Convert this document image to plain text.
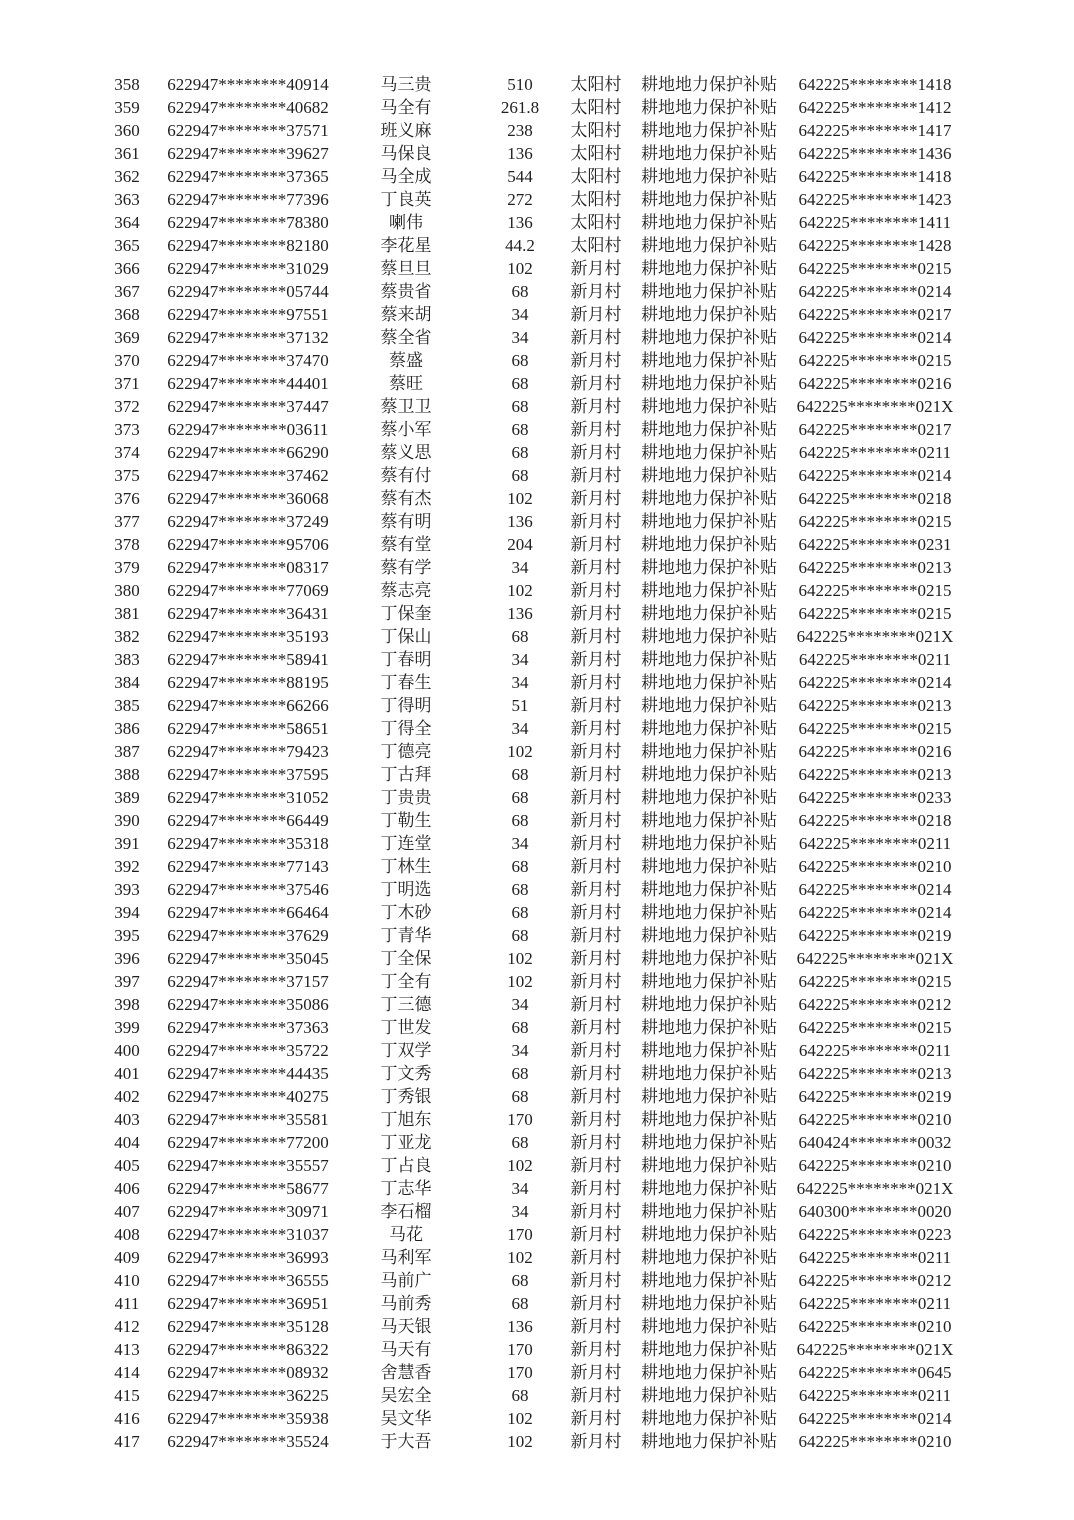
358	622947********40914	马三贵	510	太阳村	耕地地力保护补贴	642225********1418
359	622947********40682	马全有	261.8	太阳村	耕地地力保护补贴	642225********1412
360	622947********37571	班义麻	238	太阳村	耕地地力保护补贴	642225********1417
361	622947********39627	马保良	136	太阳村	耕地地力保护补贴	642225********1436
362	622947********37365	马全成	544	太阳村	耕地地力保护补贴	642225********1418
363	622947********77396	丁良英	272	太阳村	耕地地力保护补贴	642225********1423
364	622947********78380	喇伟	136	太阳村	耕地地力保护补贴	642225********1411
365	622947********82180	李花星	44.2	太阳村	耕地地力保护补贴	642225********1428
366	622947********31029	蔡旦旦	102	新月村	耕地地力保护补贴	642225********0215
367	622947********05744	蔡贵省	68	新月村	耕地地力保护补贴	642225********0214
368	622947********97551	蔡来胡	34	新月村	耕地地力保护补贴	642225********0217
369	622947********37132	蔡全省	34	新月村	耕地地力保护补贴	642225********0214
370	622947********37470	蔡盛	68	新月村	耕地地力保护补贴	642225********0215
371	622947********44401	蔡旺	68	新月村	耕地地力保护补贴	642225********0216
372	622947********37447	蔡卫卫	68	新月村	耕地地力保护补贴	642225********021X
373	622947********03611	蔡小军	68	新月村	耕地地力保护补贴	642225********0217
374	622947********66290	蔡义思	68	新月村	耕地地力保护补贴	642225********0211
375	622947********37462	蔡有付	68	新月村	耕地地力保护补贴	642225********0214
376	622947********36068	蔡有杰	102	新月村	耕地地力保护补贴	642225********0218
377	622947********37249	蔡有明	136	新月村	耕地地力保护补贴	642225********0215
378	622947********95706	蔡有堂	204	新月村	耕地地力保护补贴	642225********0231
379	622947********08317	蔡有学	34	新月村	耕地地力保护补贴	642225********0213
380	622947********77069	蔡志亮	102	新月村	耕地地力保护补贴	642225********0215
381	622947********36431	丁保奎	136	新月村	耕地地力保护补贴	642225********0215
382	622947********35193	丁保山	68	新月村	耕地地力保护补贴	642225********021X
383	622947********58941	丁春明	34	新月村	耕地地力保护补贴	642225********0211
384	622947********88195	丁春生	34	新月村	耕地地力保护补贴	642225********0214
385	622947********66266	丁得明	51	新月村	耕地地力保护补贴	642225********0213
386	622947********58651	丁得全	34	新月村	耕地地力保护补贴	642225********0215
387	622947********79423	丁德亮	102	新月村	耕地地力保护补贴	642225********0216
388	622947********37595	丁古拜	68	新月村	耕地地力保护补贴	642225********0213
389	622947********31052	丁贵贵	68	新月村	耕地地力保护补贴	642225********0233
390	622947********66449	丁勒生	68	新月村	耕地地力保护补贴	642225********0218
391	622947********35318	丁连堂	34	新月村	耕地地力保护补贴	642225********0211
392	622947********77143	丁林生	68	新月村	耕地地力保护补贴	642225********0210
393	622947********37546	丁明选	68	新月村	耕地地力保护补贴	642225********0214
394	622947********66464	丁木砂	68	新月村	耕地地力保护补贴	642225********0214
395	622947********37629	丁青华	68	新月村	耕地地力保护补贴	642225********0219
396	622947********35045	丁全保	102	新月村	耕地地力保护补贴	642225********021X
397	622947********37157	丁全有	102	新月村	耕地地力保护补贴	642225********0215
398	622947********35086	丁三德	34	新月村	耕地地力保护补贴	642225********0212
399	622947********37363	丁世发	68	新月村	耕地地力保护补贴	642225********0215
400	622947********35722	丁双学	34	新月村	耕地地力保护补贴	642225********0211
401	622947********44435	丁文秀	68	新月村	耕地地力保护补贴	642225********0213
402	622947********40275	丁秀银	68	新月村	耕地地力保护补贴	642225********0219
403	622947********35581	丁旭东	170	新月村	耕地地力保护补贴	642225********0210
404	622947********77200	丁亚龙	68	新月村	耕地地力保护补贴	640424********0032
405	622947********35557	丁占良	102	新月村	耕地地力保护补贴	642225********0210
406	622947********58677	丁志华	34	新月村	耕地地力保护补贴	642225********021X
407	622947********30971	李石榴	34	新月村	耕地地力保护补贴	640300********0020
408	622947********31037	马花	170	新月村	耕地地力保护补贴	642225********0223
409	622947********36993	马利军	102	新月村	耕地地力保护补贴	642225********0211
410	622947********36555	马前广	68	新月村	耕地地力保护补贴	642225********0212
411	622947********36951	马前秀	68	新月村	耕地地力保护补贴	642225********0211
412	622947********35128	马天银	136	新月村	耕地地力保护补贴	642225********0210
413	622947********86322	马天有	170	新月村	耕地地力保护补贴	642225********021X
414	622947********08932	舍慧香	170	新月村	耕地地力保护补贴	642225********0645
415	622947********36225	吴宏全	68	新月村	耕地地力保护补贴	642225********0211
416	622947********35938	吴文华	102	新月村	耕地地力保护补贴	642225********0214
417	622947********35524	于大吾	102	新月村	耕地地力保护补贴	642225********0210
